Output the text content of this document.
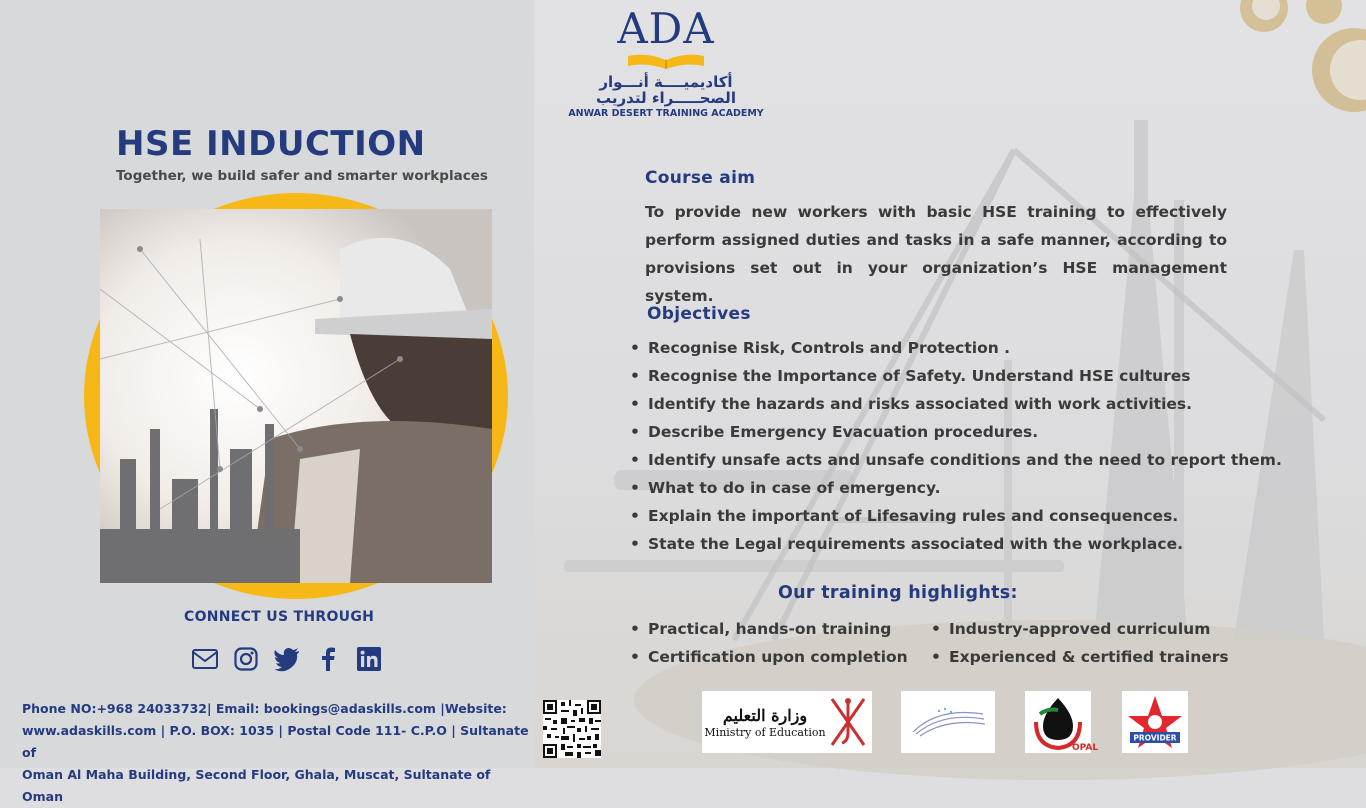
HSE INDUCTION
Together, we build safer and smarter workplaces
CONNECT US THROUGH
Phone NO:+968 24033732| Email: bookings@adaskills.com |Website:
www.adaskills.com | P.O. BOX: 1035 | Postal Code 111- C.P.O | Sultanate of
Oman Al Maha Building, Second Floor, Ghala, Muscat, Sultanate of Oman
ADA
أكاديميــــة أنـــوار
الصحـــــراء لتدريب
ANWAR DESERT TRAINING ACADEMY
Course aim
To provide new workers with basic HSE training to effectively perform assigned duties and tasks in a safe manner, according to provisions set out in your organization’s HSE management system.
Objectives
• Recognise Risk, Controls and Protection .
• Recognise the Importance of Safety. Understand HSE cultures
• Identify the hazards and risks associated with work activities.
• Describe Emergency Evacuation procedures.
• Identify unsafe acts and unsafe conditions and the need to report them.
• What to do in case of emergency.
• Explain the important of Lifesaving rules and consequences.
• State the Legal requirements associated with the workplace.
Our training highlights:
• Practical, hands-on training
• Certification upon completion
• Industry-approved curriculum
• Experienced & certified trainers
وزارة التعليم
Ministry of Education
OPAL
PROVIDER
